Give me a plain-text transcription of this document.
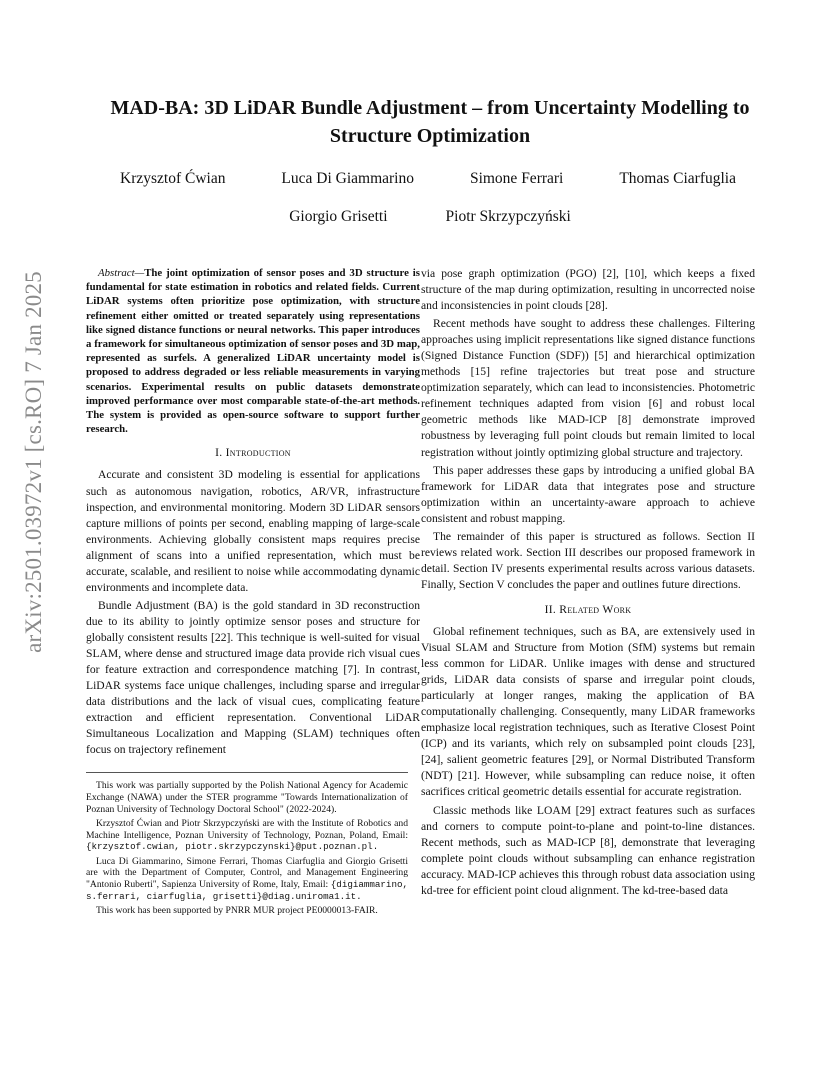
arXiv:2501.03972v1 [cs.RO] 7 Jan 2025
MAD-BA: 3D LiDAR Bundle Adjustment – from Uncertainty Modelling to Structure Optimization
Krzysztof Ćwian	Luca Di Giammarino	Simone Ferrari	Thomas Ciarfuglia
Giorgio Grisetti	Piotr Skrzypczyński

Abstract—The joint optimization of sensor poses and 3D structure is fundamental for state estimation in robotics and related fields. Current LiDAR systems often prioritize pose optimization, with structure refinement either omitted or treated separately using representations like signed distance functions or neural networks. This paper introduces a framework for simultaneous optimization of sensor poses and 3D map, represented as surfels. A generalized LiDAR uncertainty model is proposed to address degraded or less reliable measurements in varying scenarios. Experimental results on public datasets demonstrate improved performance over most comparable state-of-the-art methods. The system is provided as open-source software to support further research.

I. Introduction

Accurate and consistent 3D modeling is essential for applications such as autonomous navigation, robotics, AR/VR, infrastructure inspection, and environmental monitoring. Modern 3D LiDAR sensors capture millions of points per second, enabling mapping of large-scale environments. Achieving globally consistent maps requires precise alignment of scans into a unified representation, which must be accurate, scalable, and resilient to noise while accommodating dynamic environments and incomplete data.

Bundle Adjustment (BA) is the gold standard in 3D reconstruction due to its ability to jointly optimize sensor poses and structure for globally consistent results [22]. This technique is well-suited for visual SLAM, where dense and structured image data provide rich visual cues for feature extraction and correspondence matching [7]. In contrast, LiDAR systems face unique challenges, including sparse and irregular data distributions and the lack of visual cues, complicating feature extraction and efficient representation. Conventional LiDAR Simultaneous Localization and Mapping (SLAM) techniques often focus on trajectory refinement

This work was partially supported by the Polish National Agency for Academic Exchange (NAWA) under the STER programme "Towards Internationalization of Poznan University of Technology Doctoral School" (2022-2024).

Krzysztof Ćwian and Piotr Skrzypczyński are with the Institute of Robotics and Machine Intelligence, Poznan University of Technology, Poznan, Poland, Email: {krzysztof.cwian, piotr.skrzypczynski}@put.poznan.pl.

Luca Di Giammarino, Simone Ferrari, Thomas Ciarfuglia and Giorgio Grisetti are with the Department of Computer, Control, and Management Engineering "Antonio Ruberti", Sapienza University of Rome, Italy, Email: {digiammarino, s.ferrari, ciarfuglia, grisetti}@diag.uniroma1.it.

This work has been supported by PNRR MUR project PE0000013-FAIR.

via pose graph optimization (PGO) [2], [10], which keeps a fixed structure of the map during optimization, resulting in uncorrected noise and inconsistencies in point clouds [28].

Recent methods have sought to address these challenges. Filtering approaches using implicit representations like signed distance functions (Signed Distance Function (SDF)) [5] and hierarchical optimization methods [15] refine trajectories but treat pose and structure optimization separately, which can lead to inconsistencies. Photometric refinement techniques adapted from vision [6] and robust local geometric methods like MAD-ICP [8] demonstrate improved robustness by leveraging full point clouds but remain limited to local registration without jointly optimizing global structure and trajectory.

This paper addresses these gaps by introducing a unified global BA framework for LiDAR data that integrates pose and structure optimization within an uncertainty-aware approach to achieve consistent and robust mapping.

The remainder of this paper is structured as follows. Section II reviews related work. Section III describes our proposed framework in detail. Section IV presents experimental results across various datasets. Finally, Section V concludes the paper and outlines future directions.

II. Related Work

Global refinement techniques, such as BA, are extensively used in Visual SLAM and Structure from Motion (SfM) systems but remain less common for LiDAR. Unlike images with dense and structured grids, LiDAR data consists of sparse and irregular point clouds, particularly at longer ranges, making the application of BA computationally challenging. Consequently, many LiDAR frameworks emphasize local registration techniques, such as Iterative Closest Point (ICP) and its variants, which rely on subsampled point clouds [23], [24], salient geometric features [29], or Normal Distributed Transform (NDT) [21]. However, while subsampling can reduce noise, it often sacrifices critical geometric details essential for accurate registration.

Classic methods like LOAM [29] extract features such as surfaces and corners to compute point-to-plane and point-to-line distances. Recent methods, such as MAD-ICP [8], demonstrate that leveraging complete point clouds without subsampling can enhance registration accuracy. MAD-ICP achieves this through robust data association using kd-tree for efficient point cloud alignment. The kd-tree-based data
